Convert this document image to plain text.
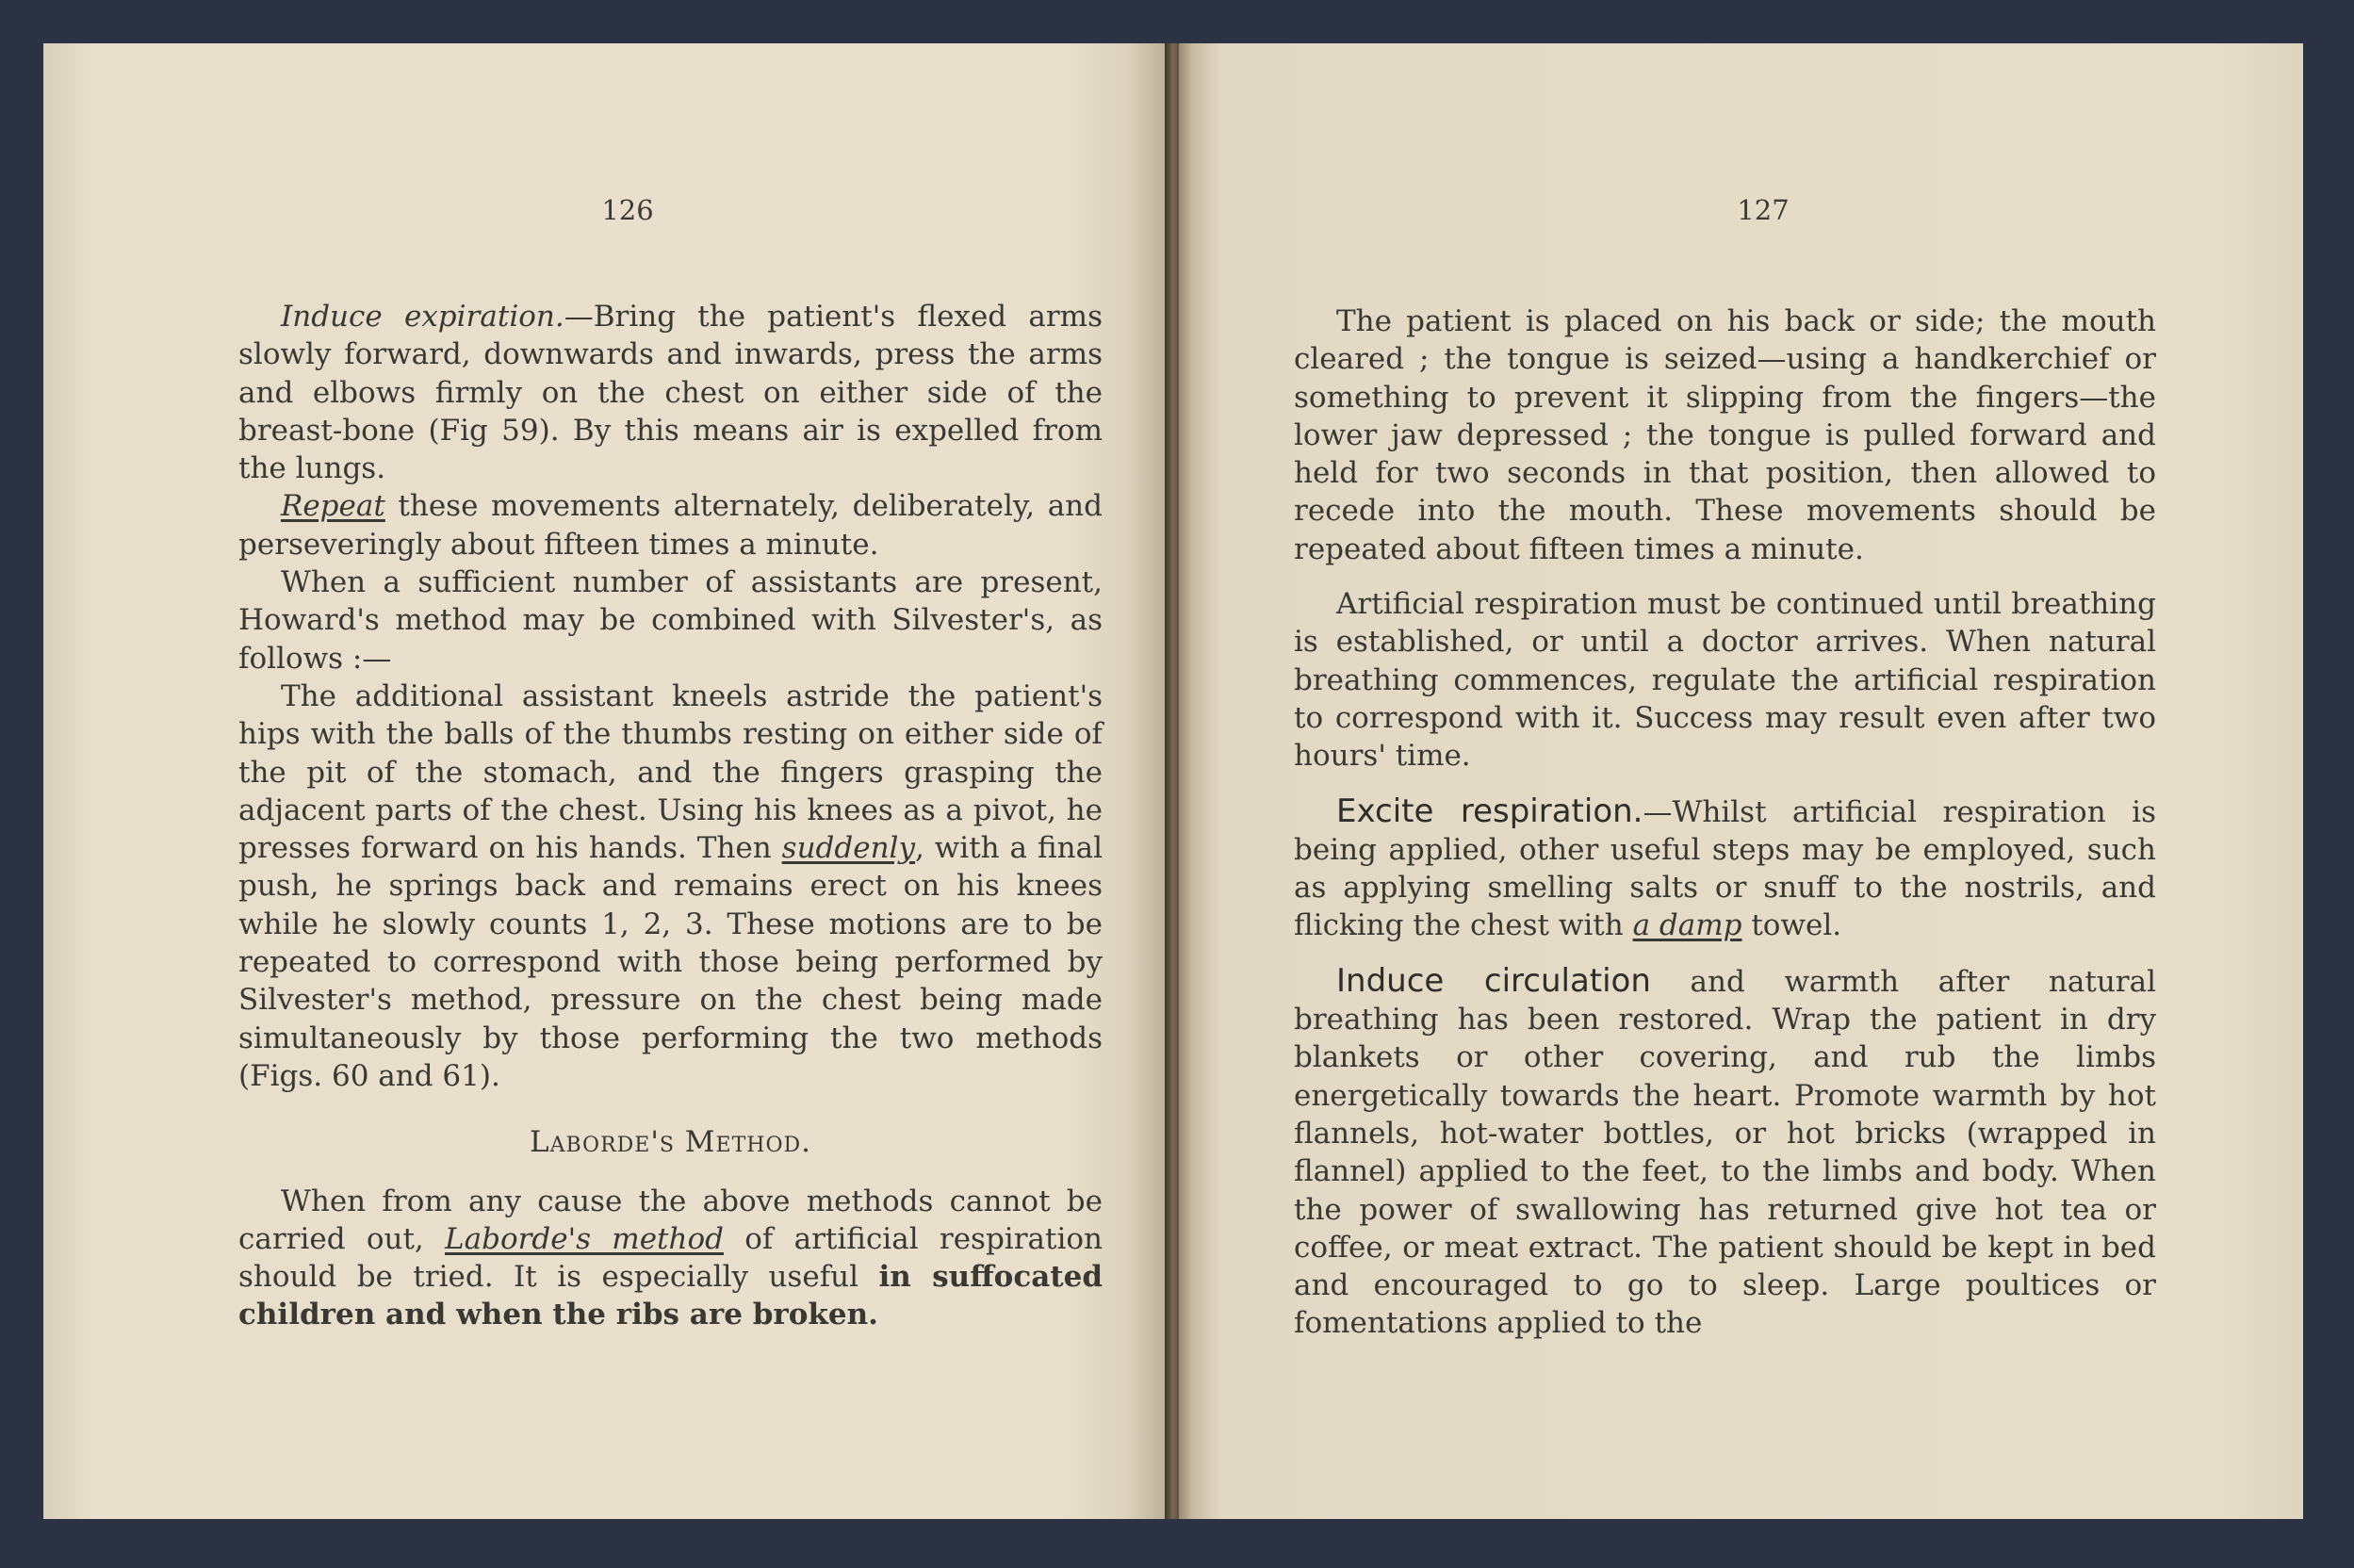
126

Induce expiration.—Bring the patient's flexed arms slowly forward, downwards and inwards, press the arms and elbows firmly on the chest on either side of the breast-bone (Fig 59). By this means air is expelled from the lungs.

Repeat these movements alternately, deliberately, and perseveringly about fifteen times a minute.

When a sufficient number of assistants are present, Howard's method may be combined with Silvester's, as follows :—

The additional assistant kneels astride the patient's hips with the balls of the thumbs resting on either side of the pit of the stomach, and the fingers grasping the adjacent parts of the chest. Using his knees as a pivot, he presses forward on his hands. Then suddenly, with a final push, he springs back and remains erect on his knees while he slowly counts 1, 2, 3. These motions are to be repeated to correspond with those being performed by Silvester's method, pressure on the chest being made simultaneously by those performing the two methods (Figs. 60 and 61).

Laborde's Method.

When from any cause the above methods cannot be carried out, Laborde's method of artificial respiration should be tried. It is especially useful in suffocated children and when the ribs are broken.

127

The patient is placed on his back or side; the mouth cleared ; the tongue is seized—using a handkerchief or something to prevent it slipping from the fingers—the lower jaw depressed ; the tongue is pulled forward and held for two seconds in that position, then allowed to recede into the mouth. These movements should be repeated about fifteen times a minute.

Artificial respiration must be continued until breathing is established, or until a doctor arrives. When natural breathing commences, regulate the artificial respiration to correspond with it. Success may result even after two hours' time.

Excite respiration.—Whilst artificial respiration is being applied, other useful steps may be employed, such as applying smelling salts or snuff to the nostrils, and flicking the chest with a damp towel.

Induce circulation and warmth after natural breathing has been restored. Wrap the patient in dry blankets or other covering, and rub the limbs energetically towards the heart. Promote warmth by hot flannels, hot-water bottles, or hot bricks (wrapped in flannel) applied to the feet, to the limbs and body. When the power of swallowing has returned give hot tea or coffee, or meat extract. The patient should be kept in bed and encouraged to go to sleep. Large poultices or fomentations applied to the
